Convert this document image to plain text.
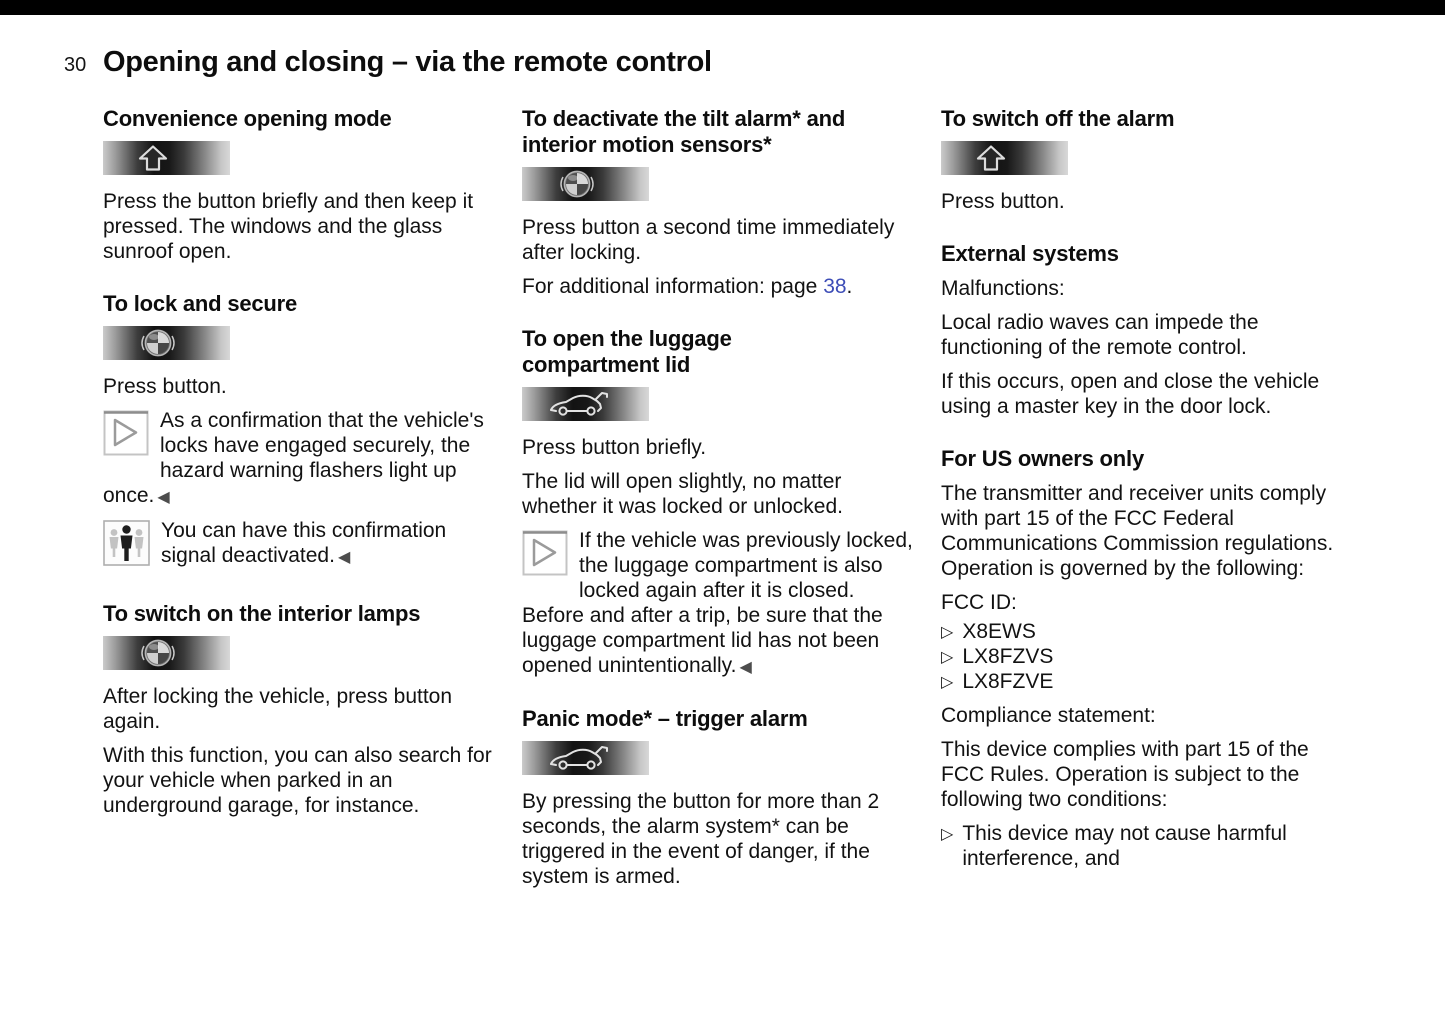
30 Opening and closing – via the remote control
Convenience opening mode

Press the button briefly and then keep it pressed. The windows and the glass sunroof open.

To lock and secure

Press button.

As a confirmation that the vehicle's locks have engaged securely, the hazard warning flashers light up once. ◀

You can have this confirmation signal deactivated. ◀

To switch on the interior lamps

After locking the vehicle, press button again.

With this function, you can also search for your vehicle when parked in an underground garage, for instance.

To deactivate the tilt alarm* and interior motion sensors*

Press button a second time immediately after locking.

For additional information: page 38.

To open the luggage compartment lid

Press button briefly.

The lid will open slightly, no matter whether it was locked or unlocked.

If the vehicle was previously locked, the luggage compartment is also locked again after it is closed. Before and after a trip, be sure that the luggage compartment lid has not been opened unintentionally. ◀

Panic mode* – trigger alarm

By pressing the button for more than 2 seconds, the alarm system* can be triggered in the event of danger, if the system is armed.

To switch off the alarm

Press button.

External systems

Malfunctions:

Local radio waves can impede the functioning of the remote control.

If this occurs, open and close the vehicle using a master key in the door lock.

For US owners only

The transmitter and receiver units comply with part 15 of the FCC Federal Communications Commission regulations. Operation is governed by the following:

FCC ID:

▷ X8EWS
▷ LX8FZVS
▷ LX8FZVE

Compliance statement:

This device complies with part 15 of the FCC Rules. Operation is subject to the following two conditions:

▷ This device may not cause harmful interference, and
